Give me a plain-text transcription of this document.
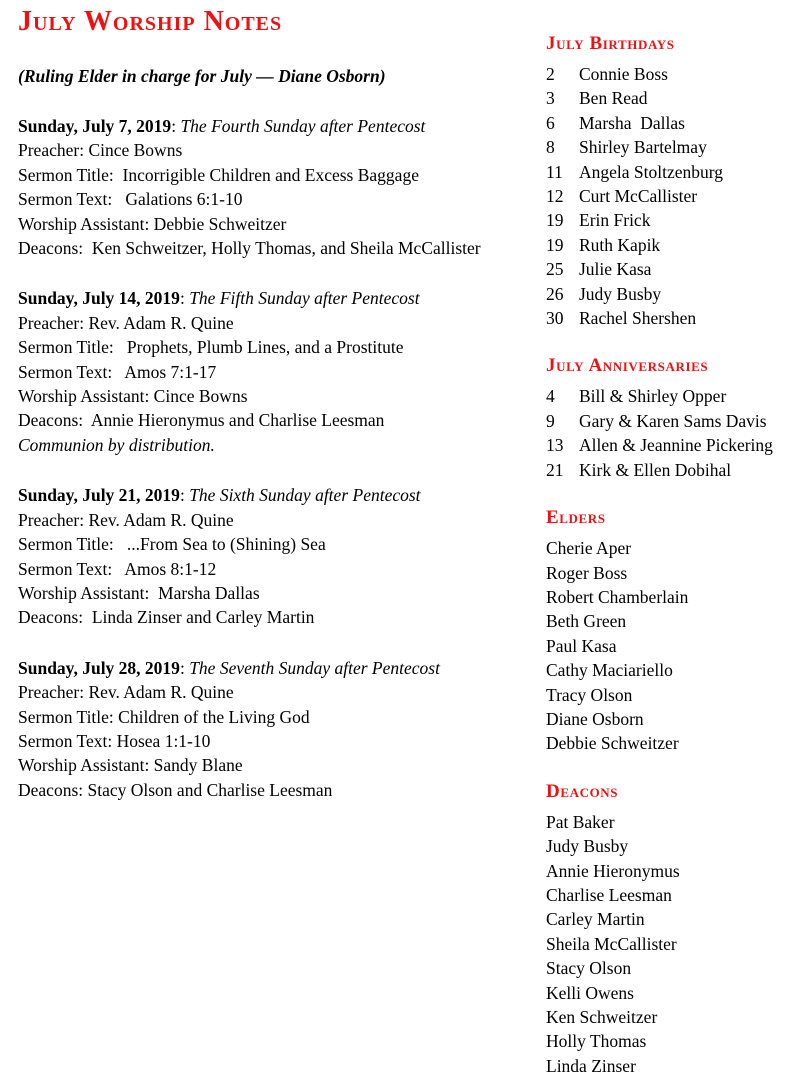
July Worship Notes
(Ruling Elder in charge for July — Diane Osborn)
Sunday, July 7, 2019: The Fourth Sunday after Pentecost
Preacher: Cince Bowns
Sermon Title:  Incorrigible Children and Excess Baggage
Sermon Text:   Galations 6:1-10
Worship Assistant: Debbie Schweitzer
Deacons:  Ken Schweitzer, Holly Thomas, and Sheila McCallister
Sunday, July 14, 2019: The Fifth Sunday after Pentecost
Preacher: Rev. Adam R. Quine
Sermon Title:   Prophets, Plumb Lines, and a Prostitute
Sermon Text:   Amos 7:1-17
Worship Assistant: Cince Bowns
Deacons:  Annie Hieronymus and Charlise Leesman
Communion by distribution.
Sunday, July 21, 2019: The Sixth Sunday after Pentecost
Preacher: Rev. Adam R. Quine
Sermon Title:   ...From Sea to (Shining) Sea
Sermon Text:   Amos 8:1-12
Worship Assistant:  Marsha Dallas
Deacons:  Linda Zinser and Carley Martin
Sunday, July 28, 2019: The Seventh Sunday after Pentecost
Preacher: Rev. Adam R. Quine
Sermon Title: Children of the Living God
Sermon Text: Hosea 1:1-10
Worship Assistant: Sandy Blane
Deacons: Stacy Olson and Charlise Leesman
July Birthdays
2	Connie Boss
3	Ben Read
6	Marsha  Dallas
8	Shirley Bartelmay
11 Angela Stoltzenburg
12 Curt McCallister
19 Erin Frick
19 Ruth Kapik
25 Julie Kasa
26 Judy Busby
30 Rachel Shershen
July Anniversaries
4	Bill & Shirley Opper
9	Gary & Karen Sams Davis
13 Allen & Jeannine Pickering
21 Kirk & Ellen Dobihal
Elders
Cherie Aper
Roger Boss
Robert Chamberlain
Beth Green
Paul Kasa
Cathy Maciariello
Tracy Olson
Diane Osborn
Debbie Schweitzer
Deacons
Pat Baker
Judy Busby
Annie Hieronymus
Charlise Leesman
Carley Martin
Sheila McCallister
Stacy Olson
Kelli Owens
Ken Schweitzer
Holly Thomas
Linda Zinser
